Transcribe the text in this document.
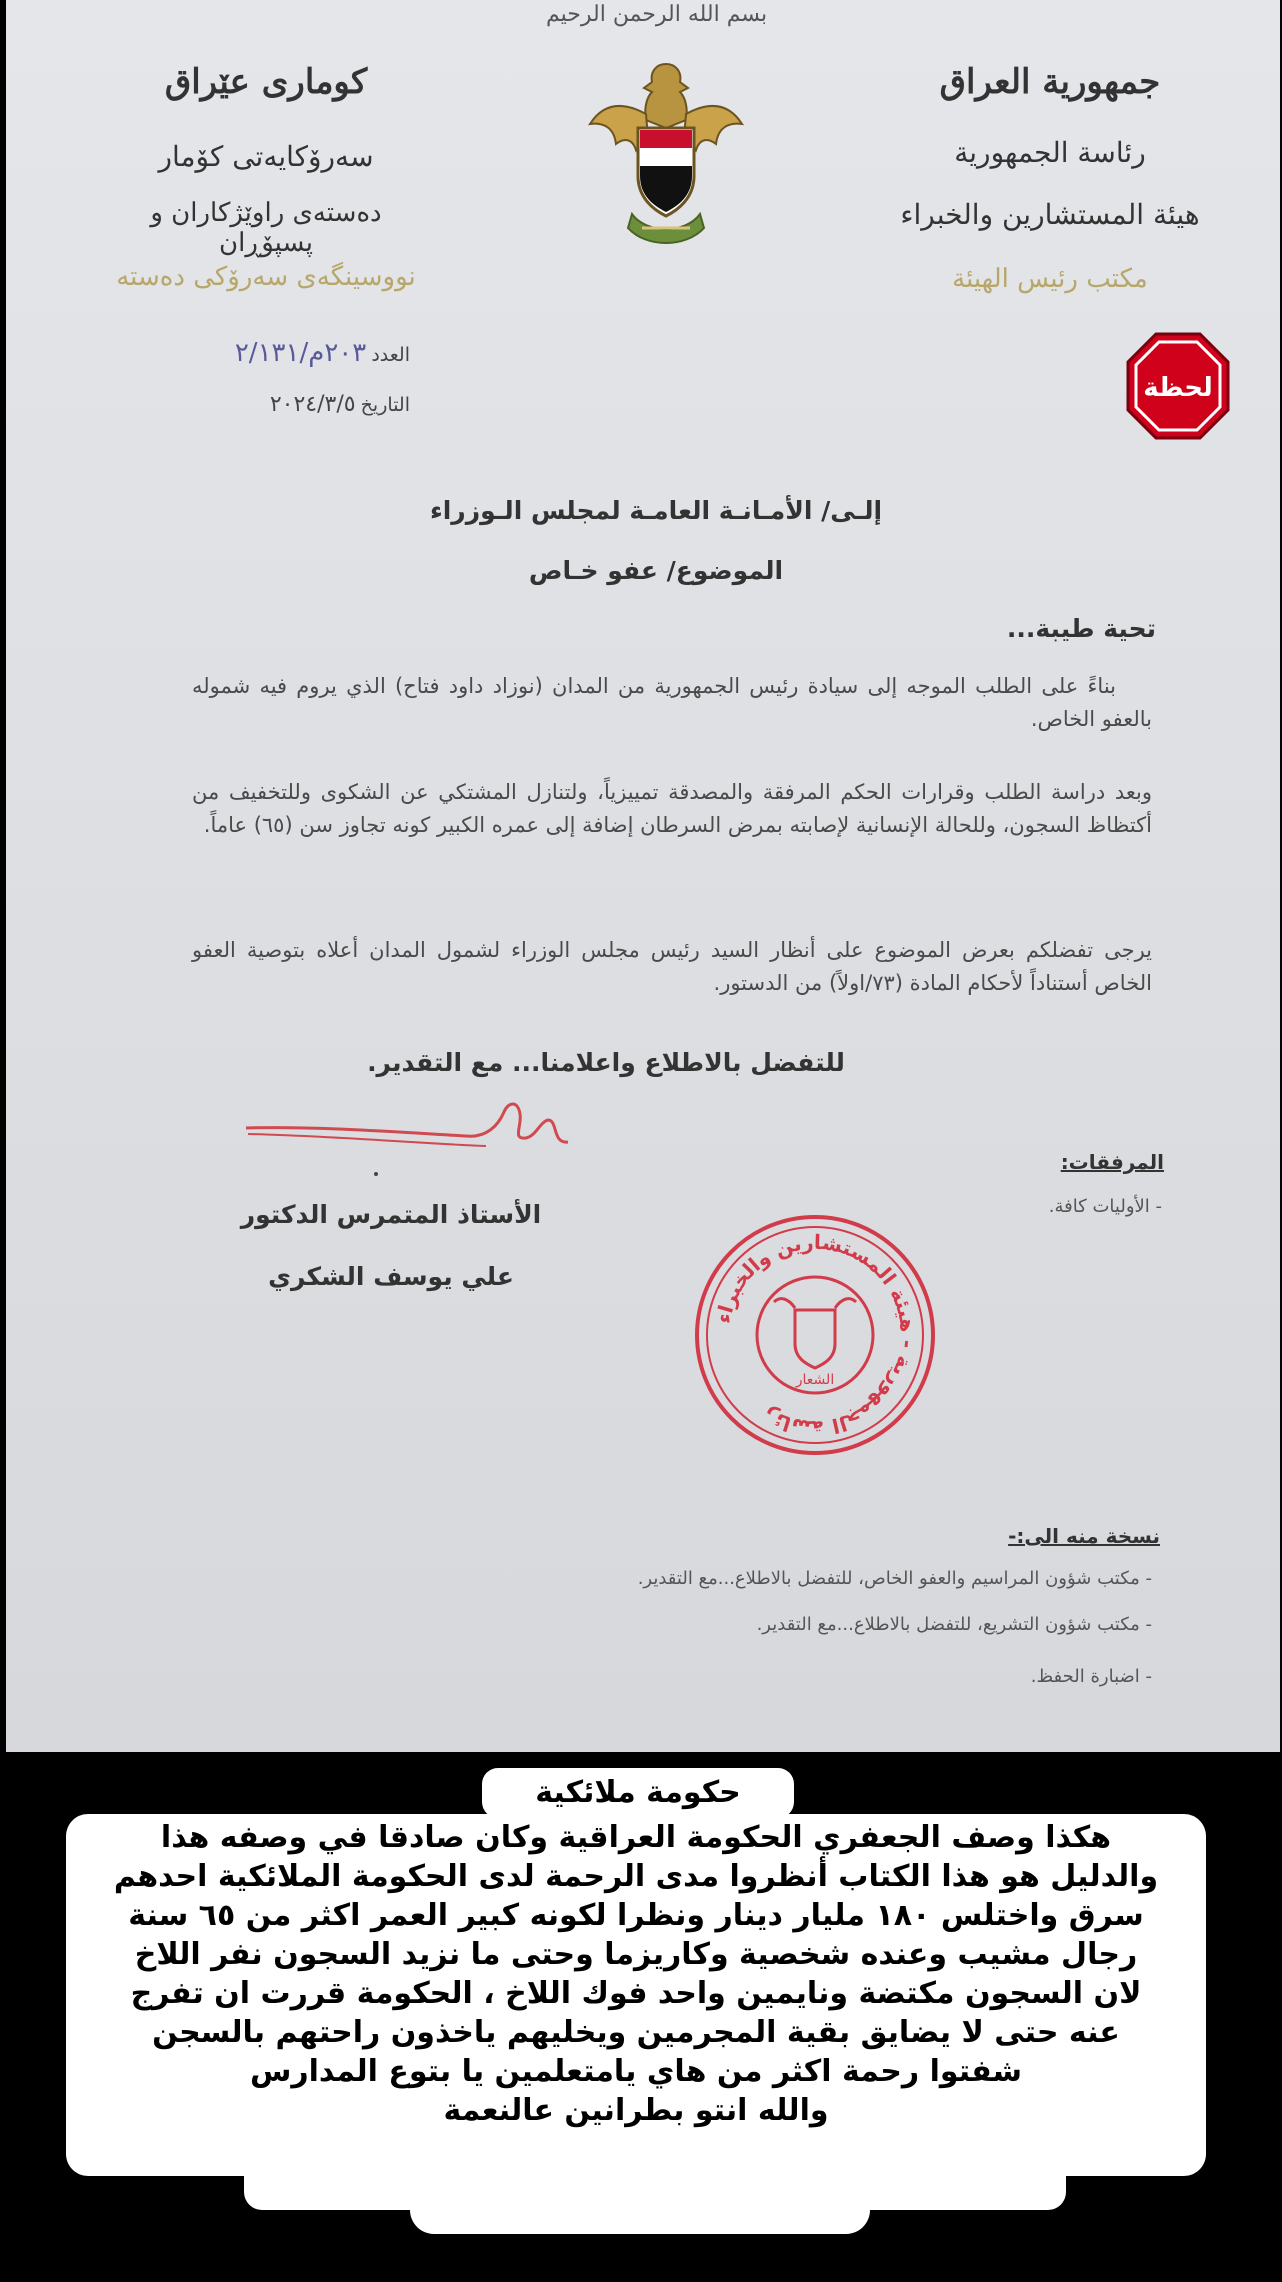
بسم الله الرحمن الرحيم
كوماری عێراق
سەرۆكایەتی كۆمار
دەستەی راوێژكاران و پسپۆڕان
نووسینگەی سەرۆكی دەستە
جمهورية العراق
رئاسة الجمهورية
هيئة المستشارين والخبراء
مكتب رئيس الهيئة
لحظة
العدد ٢٠٣م/٢/١٣١
التاريخ ٢٠٢٤/٣/٥
إلـى/ الأمـانـة العامـة لمجلس الـوزراء
الموضوع/ عفو خـاص
تحية طيبة...
بناءً على الطلب الموجه إلى سيادة رئيس الجمهورية من المدان (نوزاد داود فتاح) الذي يروم فيه شموله بالعفو الخاص.
وبعد دراسة الطلب وقرارات الحكم المرفقة والمصدقة تمييزياً، ولتنازل المشتكي عن الشكوى وللتخفيف من أكتظاظ السجون، وللحالة الإنسانية لإصابته بمرض السرطان إضافة إلى عمره الكبير كونه تجاوز سن (٦٥) عاماً.
يرجى تفضلكم بعرض الموضوع على أنظار السيد رئيس مجلس الوزراء لشمول المدان أعلاه بتوصية العفو الخاص أستناداً لأحكام المادة (٧٣/اولاً) من الدستور.
للتفضل بالاطلاع واعلامنا... مع التقدير.
المرفقات:
- الأوليات كافة.
الأستاذ المتمرس الدكتور
علي يوسف الشكري
رئاسة الجمهورية - هيئة المستشارين والخبراء
الشعار
نسخة منه الى:-
- مكتب شؤون المراسيم والعفو الخاص، للتفضل بالاطلاع...مع التقدير.
- مكتب شؤون التشريع، للتفضل بالاطلاع...مع التقدير.
- اضبارة الحفظ.
حكومة ملائكية
هكذا وصف الجعفري الحكومة العراقية وكان صادقا في وصفه هذا
والدليل هو هذا الكتاب أنظروا مدى الرحمة لدى الحكومة الملائكية احدهم
سرق واختلس ١٨٠ مليار دينار ونظرا لكونه كبير العمر اكثر من ٦٥ سنة
رجال مشيب وعنده شخصية وكاريزما وحتى ما نزيد السجون نفر اللاخ
لان السجون مكتضة ونايمين واحد فوك اللاخ ، الحكومة قررت ان تفرج
عنه حتى لا يضايق بقية المجرمين ويخليهم ياخذون راحتهم بالسجن
شفتوا رحمة اكثر من هاي يامتعلمين يا بتوع المدارس
والله انتو بطرانين عالنعمة
